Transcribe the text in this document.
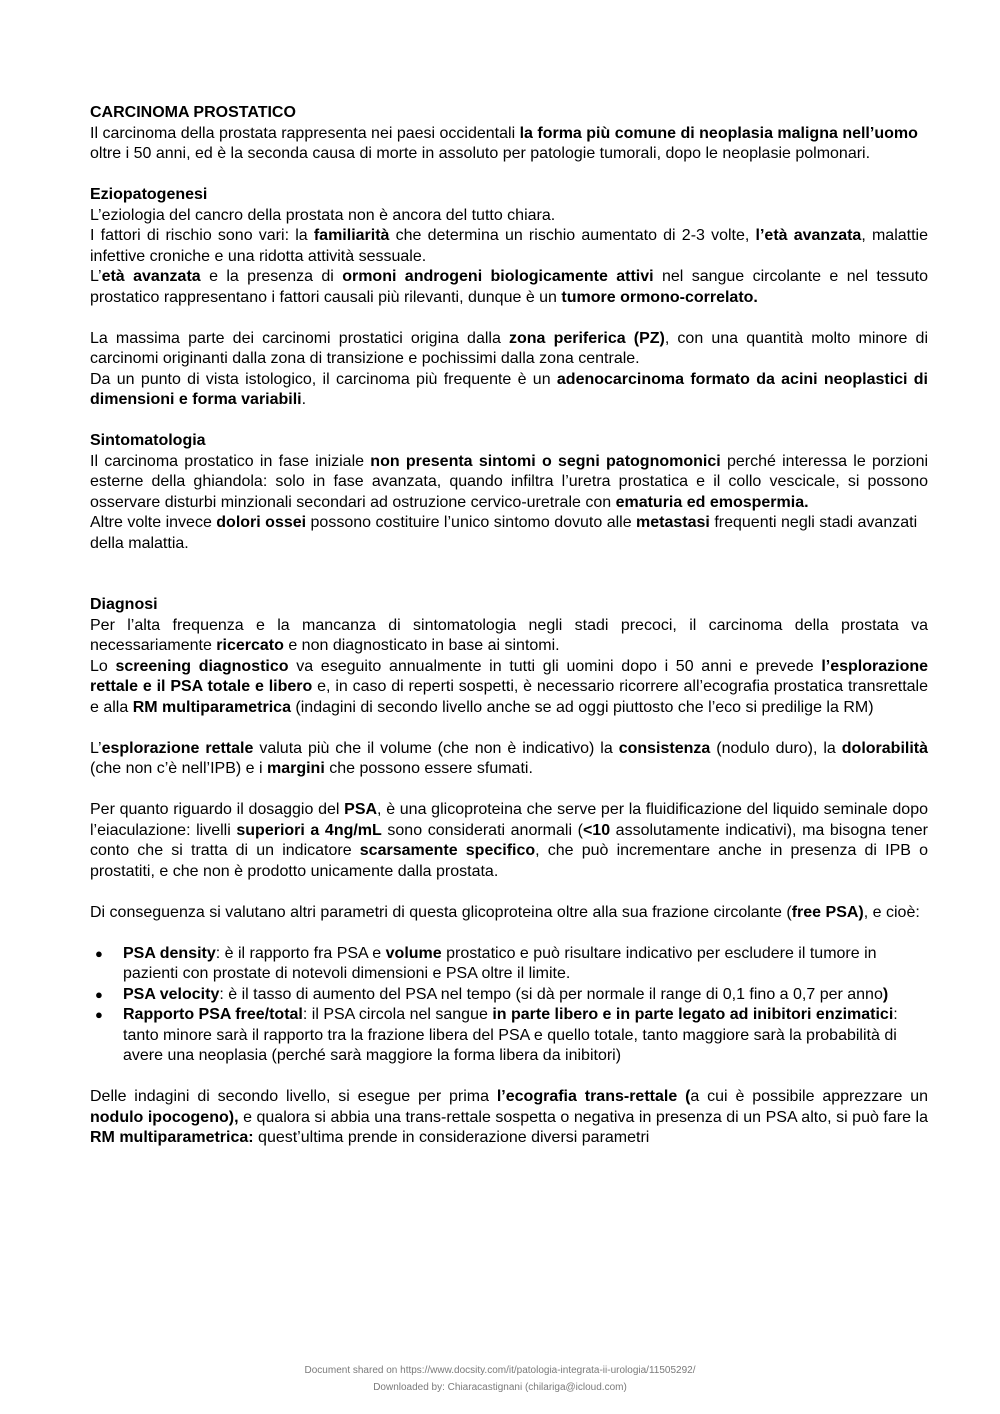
CARCINOMA PROSTATICO

Il carcinoma della prostata rappresenta nei paesi occidentali la forma più comune di neoplasia maligna nell’uomo oltre i 50 anni, ed è la seconda causa di morte in assoluto per patologie tumorali, dopo le neoplasie polmonari.

Eziopatogenesi

L’eziologia del cancro della prostata non è ancora del tutto chiara.

I fattori di rischio sono vari: la familiarità che determina un rischio aumentato di 2-3 volte, l’età avanzata, malattie infettive croniche e una ridotta attività sessuale.

L’età avanzata e la presenza di ormoni androgeni biologicamente attivi nel sangue circolante e nel tessuto prostatico rappresentano i fattori causali più rilevanti, dunque è un tumore ormono-correlato.

La massima parte dei carcinomi prostatici origina dalla zona periferica (PZ), con una quantità molto minore di carcinomi originanti dalla zona di transizione e pochissimi dalla zona centrale.

Da un punto di vista istologico, il carcinoma più frequente è un adenocarcinoma formato da acini neoplastici di dimensioni e forma variabili.

Sintomatologia

Il carcinoma prostatico in fase iniziale non presenta sintomi o segni patognomonici perché interessa le porzioni esterne della ghiandola: solo in fase avanzata, quando infiltra l’uretra prostatica e il collo vescicale, si possono osservare disturbi minzionali secondari ad ostruzione cervico-uretrale con ematuria ed emospermia.

Altre volte invece dolori ossei possono costituire l’unico sintomo dovuto alle metastasi frequenti negli stadi avanzati della malattia.

Diagnosi

Per l’alta frequenza e la mancanza di sintomatologia negli stadi precoci, il carcinoma della prostata va necessariamente ricercato e non diagnosticato in base ai sintomi.

Lo screening diagnostico va eseguito annualmente in tutti gli uomini dopo i 50 anni e prevede l’esplorazione rettale e il PSA totale e libero e, in caso di reperti sospetti, è necessario ricorrere all’ecografia prostatica transrettale e alla RM multiparametrica (indagini di secondo livello anche se ad oggi piuttosto che l’eco si predilige la RM)

L’esplorazione rettale valuta più che il volume (che non è indicativo) la consistenza (nodulo duro), la dolorabilità (che non c’è nell’IPB) e i margini che possono essere sfumati.

Per quanto riguardo il dosaggio del PSA, è una glicoproteina che serve per la fluidificazione del liquido seminale dopo l’eiaculazione: livelli superiori a 4ng/mL sono considerati anormali (<10 assolutamente indicativi), ma bisogna tener conto che si tratta di un indicatore scarsamente specifico, che può incrementare anche in presenza di IPB o prostatiti, e che non è prodotto unicamente dalla prostata.

Di conseguenza si valutano altri parametri di questa glicoproteina oltre alla sua frazione circolante (free PSA), e cioè:

● PSA density: è il rapporto fra PSA e volume prostatico e può risultare indicativo per escludere il tumore in pazienti con prostate di notevoli dimensioni e PSA oltre il limite.
● PSA velocity: è il tasso di aumento del PSA nel tempo (si dà per normale il range di 0,1 fino a 0,7 per anno)
● Rapporto PSA free/total: il PSA circola nel sangue in parte libero e in parte legato ad inibitori enzimatici: tanto minore sarà il rapporto tra la frazione libera del PSA e quello totale, tanto maggiore sarà la probabilità di avere una neoplasia (perché sarà maggiore la forma libera da inibitori)

Delle indagini di secondo livello, si esegue per prima l’ecografia trans-rettale (a cui è possibile apprezzare un nodulo ipocogeno), e qualora si abbia una trans-rettale sospetta o negativa in presenza di un PSA alto, si può fare la RM multiparametrica: quest’ultima prende in considerazione diversi parametri

Document shared on https://www.docsity.com/it/patologia-integrata-ii-urologia/11505292/
Downloaded by: Chiaracastignani (chilariga@icloud.com)
